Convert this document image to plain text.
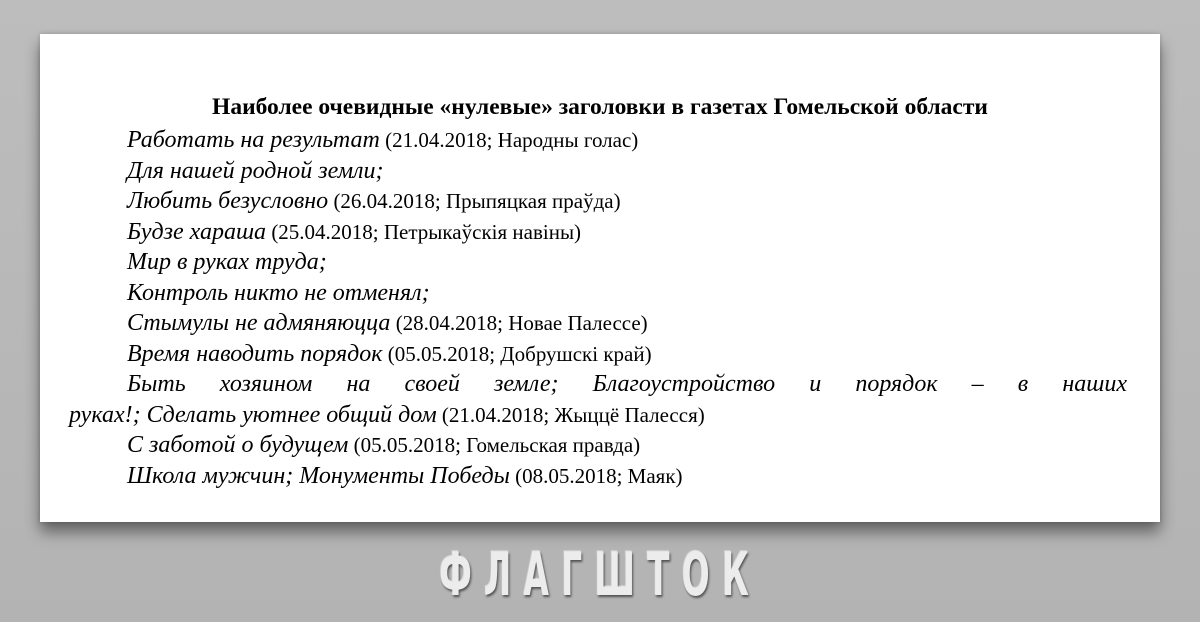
Наиболее очевидные «нулевые» заголовки в газетах Гомельской области
Работать на результат (21.04.2018; Народны голас)
Для нашей родной земли;
Любить безусловно (26.04.2018; Прыпяцкая праўда)
Будзе хараша (25.04.2018; Петрыкаўскія навіны)
Мир в руках труда;
Контроль никто не отменял;
Стымулы не адмяняюцца (28.04.2018; Новае Палессе)
Время наводить порядок (05.05.2018; Добрушскі край)
Быть хозяином на своей земле; Благоустройство и порядок – в наших
руках!; Сделать уютнее общий дом (21.04.2018; Жыццё Палесся)
С заботой о будущем (05.05.2018; Гомельская правда)
Школа мужчин; Монументы Победы (08.05.2018; Маяк)
ФЛАГШТОК
